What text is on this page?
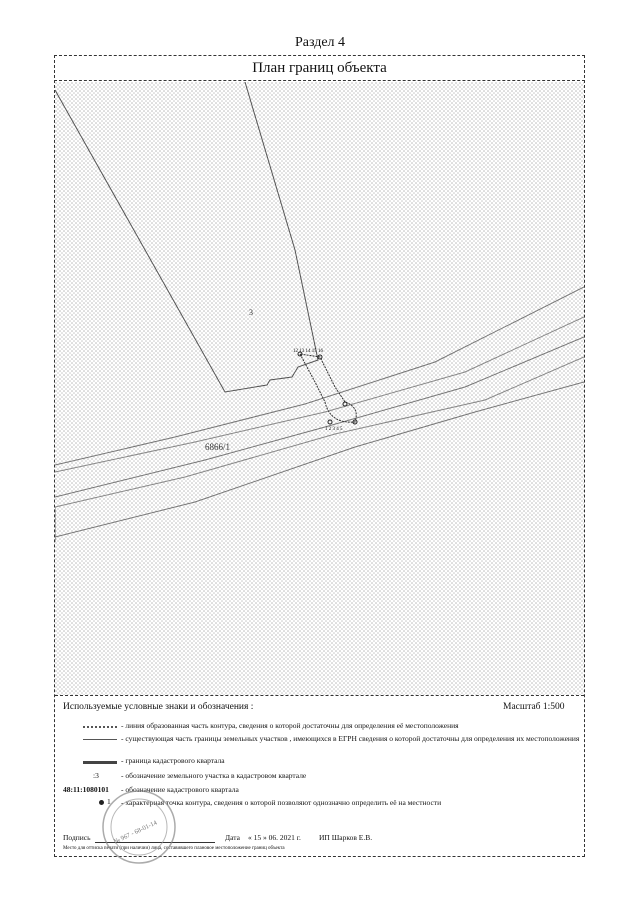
Раздел 4
План границ объекта
3
6866/1
12 13 14 15 16
1 2 3 4 5
Используемые условные знаки и обозначения :	Масштаб 1:500
- линия образованная часть контура, сведения о которой достаточны для определения её местоположения
- существующая часть границы земельных участков , имеющихся в ЕГРН сведения о которой достаточны для определения их местоположения
- граница кадастрового квартала
:3	- обозначение земельного участка в кадастровом квартале
48:11:1080101 - обозначение кадастрового квартала
1 - характерная точка контура, сведения о которой позволяют однозначно определить её на местности
Подпись	Дата « 15 » 06. 2021 г. ИП Шарков Е.В.
Место для оттиска печати (при наличии) лица, составившего плановое местоположение границ объекта
№ 967 - 68-01-14
